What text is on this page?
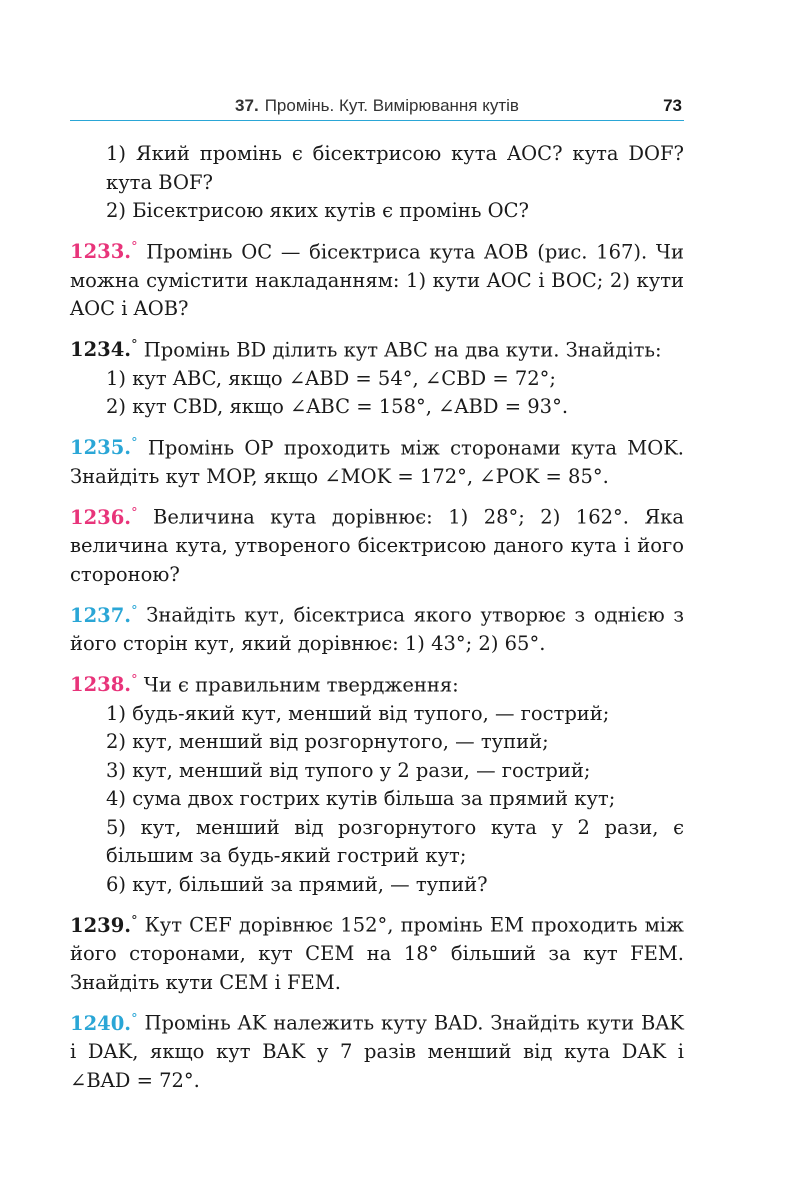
37. Промінь. Кут. Вимірювання кутів	73

1) Який промінь є бісектрисою кута AOC? кута DOF? кута BOF?

2) Бісектрисою яких кутів є промінь OC?

1233.° Промінь OC — бісектриса кута AOB (рис. 167). Чи можна сумістити накладанням: 1) кути AOC і BOC; 2) кути AOC і AOB?
1234.° Промінь BD ділить кут ABC на два кути. Знайдіть:

1) кут ABC, якщо ∠ABD = 54°, ∠CBD = 72°;

2) кут CBD, якщо ∠ABC = 158°, ∠ABD = 93°.

1235.° Промінь OP проходить між сторонами кута MOK. Знайдіть кут MOP, якщо ∠MOK = 172°, ∠POK = 85°.
1236.° Величина кута дорівнює: 1) 28°; 2) 162°. Яка величина кута, утвореного бісектрисою даного кута і його стороною?
1237.° Знайдіть кут, бісектриса якого утворює з однією з його сторін кут, який дорівнює: 1) 43°; 2) 65°.
1238.° Чи є правильним твердження:

1) будь-який кут, менший від тупого, — гострий;

2) кут, менший від розгорнутого, — тупий;

3) кут, менший від тупого у 2 рази, — гострий;

4) сума двох гострих кутів більша за прямий кут;

5) кут, менший від розгорнутого кута у 2 рази, є більшим за будь-який гострий кут;

6) кут, більший за прямий, — тупий?

1239.° Кут CEF дорівнює 152°, промінь EM проходить між його сторонами, кут CEM на 18° більший за кут FEM. Знайдіть кути CEM і FEM.
1240.° Промінь AK належить куту BAD. Знайдіть кути BAK і DAK, якщо кут BAK у 7 разів менший від кута DAK і ∠BAD = 72°.
